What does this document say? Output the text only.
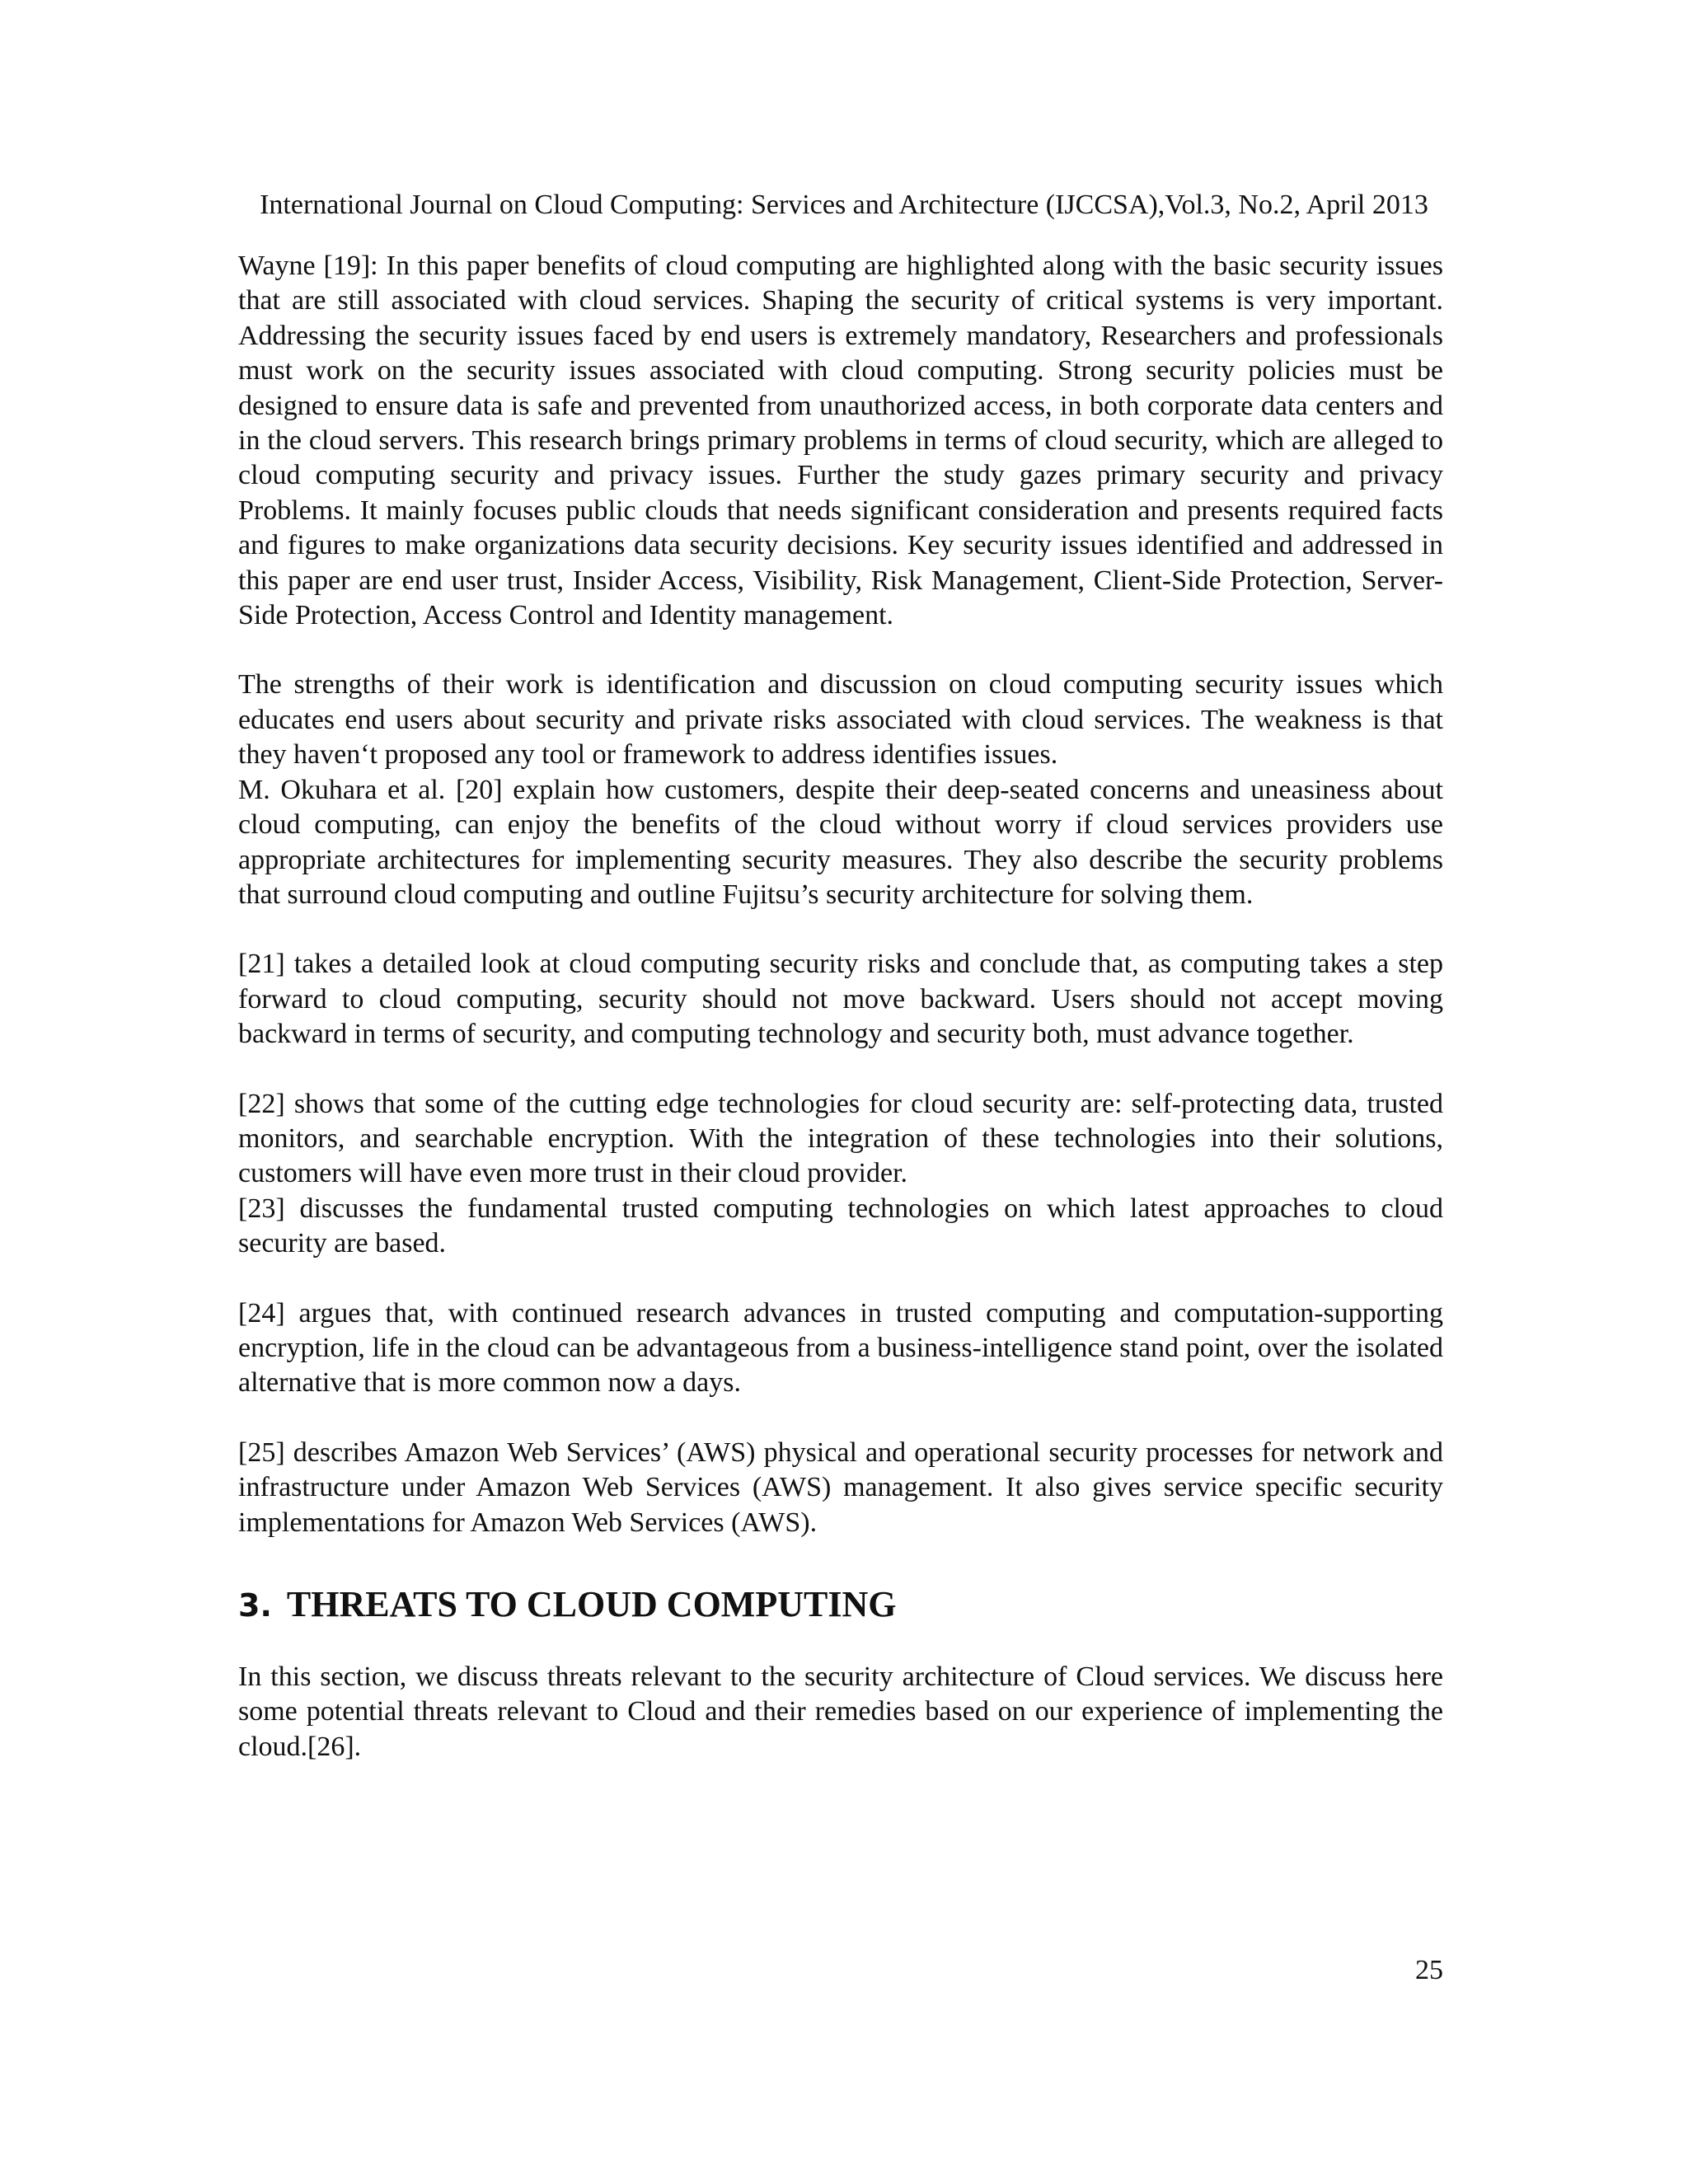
International Journal on Cloud Computing: Services and Architecture (IJCCSA),Vol.3, No.2, April 2013

Wayne [19]: In this paper benefits of cloud computing are highlighted along with the basic security issues that are still associated with cloud services. Shaping the security of critical systems is very important. Addressing the security issues faced by end users is extremely mandatory, Researchers and professionals must work on the security issues associated with cloud computing. Strong security policies must be designed to ensure data is safe and prevented from unauthorized access, in both corporate data centers and in the cloud servers. This research brings primary problems in terms of cloud security, which are alleged to cloud computing security and privacy issues. Further the study gazes primary security and privacy Problems. It mainly focuses public clouds that needs significant consideration and presents required facts and figures to make organizations data security decisions. Key security issues identified and addressed in this paper are end user trust, Insider Access, Visibility, Risk Management, Client-Side Protection, Server-Side Protection, Access Control and Identity management.

The strengths of their work is identification and discussion on cloud computing security issues which educates end users about security and private risks associated with cloud services. The weakness is that they haven‘t proposed any tool or framework to address identifies issues.

M. Okuhara et al. [20] explain how customers, despite their deep-seated concerns and uneasiness about cloud computing, can enjoy the benefits of the cloud without worry if cloud services providers use appropriate architectures for implementing security measures. They also describe the security problems that surround cloud computing and outline Fujitsu’s security architecture for solving them.

[21] takes a detailed look at cloud computing security risks and conclude that, as computing takes a step forward to cloud computing, security should not move backward. Users should not accept moving backward in terms of security, and computing technology and security both, must advance together.

[22] shows that some of the cutting edge technologies for cloud security are: self-protecting data, trusted monitors, and searchable encryption. With the integration of these technologies into their solutions, customers will have even more trust in their cloud provider.

[23] discusses the fundamental trusted computing technologies on which latest approaches to cloud security are based.

[24] argues that, with continued research advances in trusted computing and computation-supporting encryption, life in the cloud can be advantageous from a business-intelligence stand point, over the isolated alternative that is more common now a days.

[25] describes Amazon Web Services’ (AWS) physical and operational security processes for network and infrastructure under Amazon Web Services (AWS) management. It also gives service specific security implementations for Amazon Web Services (AWS).

3. THREATS TO CLOUD COMPUTING

In this section, we discuss threats relevant to the security architecture of Cloud services. We discuss here some potential threats relevant to Cloud and their remedies based on our experience of implementing the cloud.[26].

25
